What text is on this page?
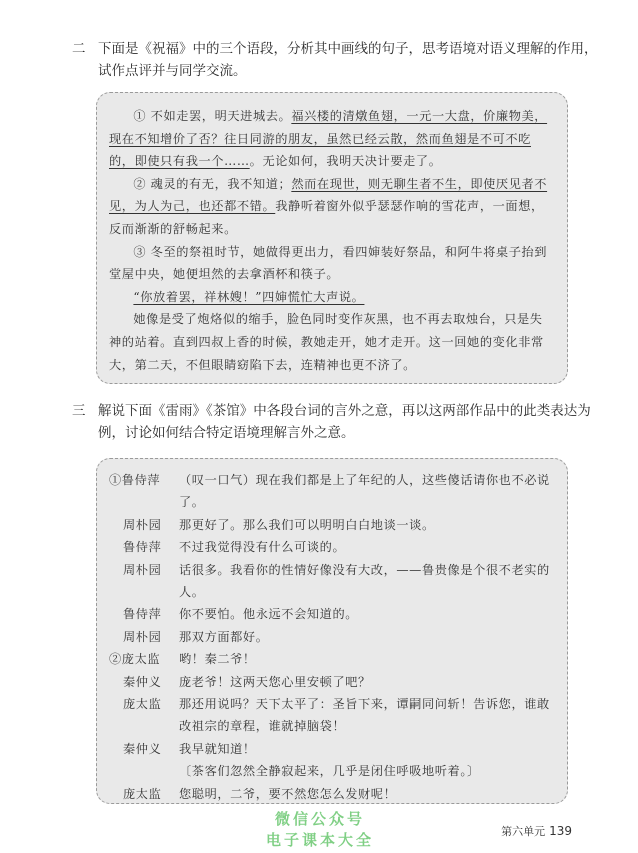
二 下面是《祝福》中的三个语段，分析其中画线的句子，思考语境对语义理解的作用，试作点评并与同学交流。
① 不如走罢，明天进城去。福兴楼的清燉鱼翅，一元一大盘，价廉物美，现在不知增价了否？往日同游的朋友，虽然已经云散，然而鱼翅是不可不吃的，即使只有我一个……。无论如何，我明天决计要走了。
② 魂灵的有无，我不知道；然而在现世，则无聊生者不生，即使厌见者不见，为人为己，也还都不错。我静听着窗外似乎瑟瑟作响的雪花声，一面想，反而渐渐的舒畅起来。
③ 冬至的祭祖时节，她做得更出力，看四婶装好祭品，和阿牛将桌子抬到堂屋中央，她便坦然的去拿酒杯和筷子。
“你放着罢，祥林嫂！”四婶慌忙大声说。
她像是受了炮烙似的缩手，脸色同时变作灰黑，也不再去取烛台，只是失神的站着。直到四叔上香的时候，教她走开，她才走开。这一回她的变化非常大，第二天，不但眼睛窈陷下去，连精神也更不济了。
三 解说下面《雷雨》《茶馆》中各段台词的言外之意，再以这两部作品中的此类表达为例，讨论如何结合特定语境理解言外之意。
①鲁侍萍	（叹一口气）现在我们都是上了年纪的人，这些傻话请你也不必说了。
周朴园	那更好了。那么我们可以明明白白地谈一谈。
鲁侍萍	不过我觉得没有什么可谈的。
周朴园	话很多。我看你的性情好像没有大改，——鲁贵像是个很不老实的人。
鲁侍萍	你不要怕。他永远不会知道的。
周朴园	那双方面都好。
②庞太监	哟！秦二爷！
秦仲义	庞老爷！这两天您心里安顿了吧？
庞太监	那还用说吗？天下太平了：圣旨下来，谭嗣同问斩！告诉您，谁敢改祖宗的章程，谁就掉脑袋！
秦仲义	我早就知道！
〔茶客们忽然全静寂起来，几乎是闭住呼吸地听着。〕
庞太监	您聪明，二爷，要不然您怎么发财呢！
微信公众号
电子课本大全	第六单元 139
